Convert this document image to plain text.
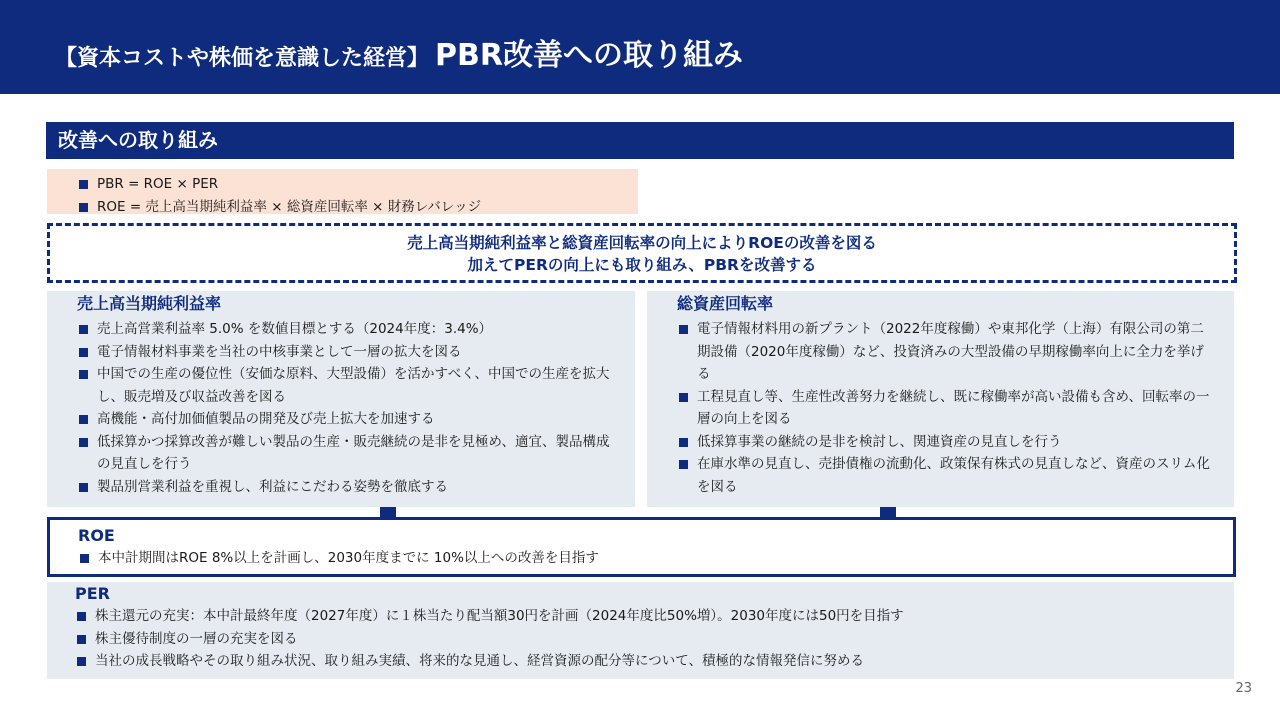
【資本コストや株価を意識した経営】 PBR改善への取り組み
改善への取り組み
PBR = ROE × PER
ROE = 売上高当期純利益率 × 総資産回転率 × 財務レバレッジ
売上高当期純利益率と総資産回転率の向上によりROEの改善を図る
加えてPERの向上にも取り組み、PBRを改善する
売上高当期純利益率
売上高営業利益率 5.0% を数値目標とする（2024年度：3.4%）
電子情報材料事業を当社の中核事業として一層の拡大を図る
中国での生産の優位性（安価な原料、大型設備）を活かすべく、中国での生産を拡大し、販売増及び収益改善を図る
高機能・高付加価値製品の開発及び売上拡大を加速する
低採算かつ採算改善が難しい製品の生産・販売継続の是非を見極め、適宜、製品構成の見直しを行う
製品別営業利益を重視し、利益にこだわる姿勢を徹底する
総資産回転率
電子情報材料用の新プラント（2022年度稼働）や東邦化学（上海）有限公司の第二期設備（2020年度稼働）など、投資済みの大型設備の早期稼働率向上に全力を挙げる
工程見直し等、生産性改善努力を継続し、既に稼働率が高い設備も含め、回転率の一層の向上を図る
低採算事業の継続の是非を検討し、関連資産の見直しを行う
在庫水準の見直し、売掛債権の流動化、政策保有株式の見直しなど、資産のスリム化を図る
ROE
本中計期間はROE 8%以上を計画し、2030年度までに 10%以上への改善を目指す
PER
株主還元の充実：本中計最終年度（2027年度）に１株当たり配当額30円を計画（2024年度比50%増）。2030年度には50円を目指す
株主優待制度の一層の充実を図る
当社の成長戦略やその取り組み状況、取り組み実績、将来的な見通し、経営資源の配分等について、積極的な情報発信に努める
23
